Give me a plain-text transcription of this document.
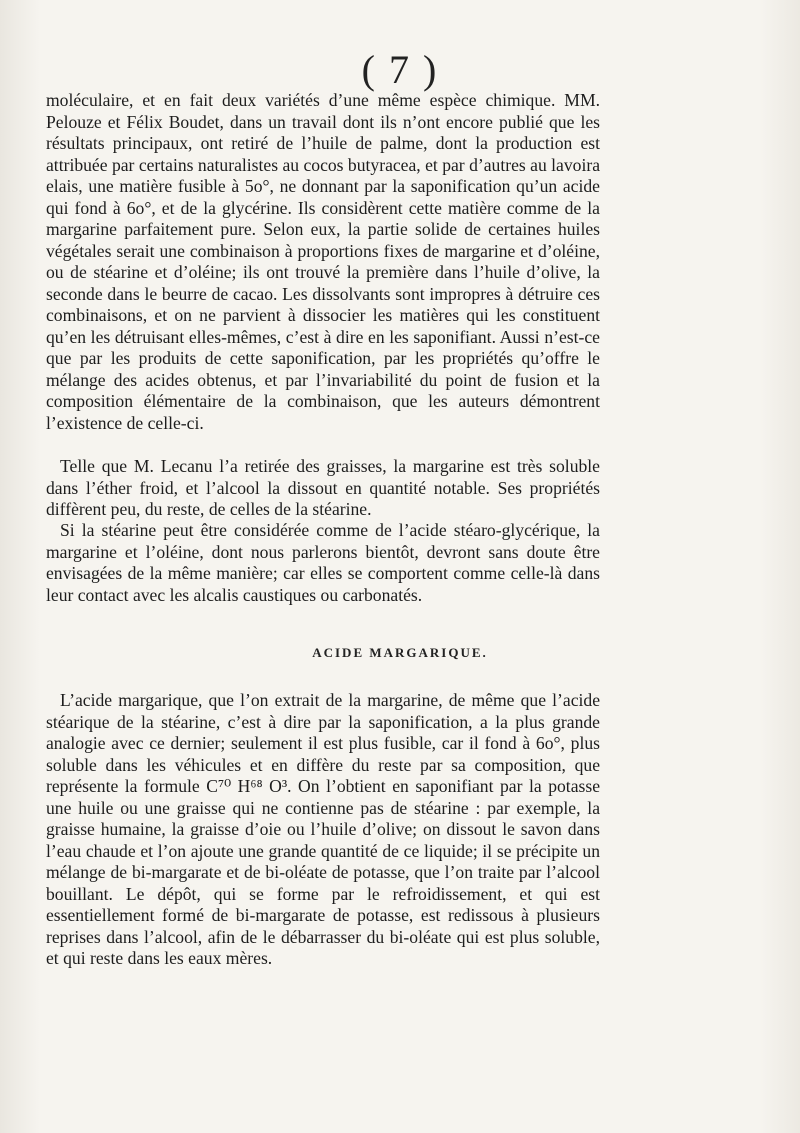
( 7 )

moléculaire, et en fait deux variétés d’une même espèce chimique. MM. Pelouze et Félix Boudet, dans un travail dont ils n’ont encore publié que les résultats principaux, ont retiré de l’huile de palme, dont la production est attribuée par certains naturalistes au cocos butyracea, et par d’autres au lavoira elais, une matière fusible à 5o°, ne donnant par la saponification qu’un acide qui fond à 6o°, et de la glycérine. Ils considèrent cette matière comme de la margarine parfaitement pure. Selon eux, la partie solide de certaines huiles végétales serait une combinaison à proportions fixes de margarine et d’oléine, ou de stéarine et d’oléine; ils ont trouvé la première dans l’huile d’olive, la seconde dans le beurre de cacao. Les dissolvants sont impropres à détruire ces combinaisons, et on ne parvient à dissocier les matières qui les constituent qu’en les détruisant elles-mêmes, c’est à dire en les saponifiant. Aussi n’est-ce que par les produits de cette saponification, par les propriétés qu’offre le mélange des acides obtenus, et par l’invariabilité du point de fusion et la composition élémentaire de la combinaison, que les auteurs démontrent l’existence de celle-ci.

Telle que M. Lecanu l’a retirée des graisses, la margarine est très soluble dans l’éther froid, et l’alcool la dissout en quantité notable. Ses propriétés diffèrent peu, du reste, de celles de la stéarine.

Si la stéarine peut être considérée comme de l’acide stéaro-glycérique, la margarine et l’oléine, dont nous parlerons bientôt, devront sans doute être envisagées de la même manière; car elles se comportent comme celle-là dans leur contact avec les alcalis caustiques ou carbonatés.

ACIDE MARGARIQUE.

L’acide margarique, que l’on extrait de la margarine, de même que l’acide stéarique de la stéarine, c’est à dire par la saponification, a la plus grande analogie avec ce dernier; seulement il est plus fusible, car il fond à 6o°, plus soluble dans les véhicules et en diffère du reste par sa composition, que représente la formule C⁷⁰ H⁶⁸ O³. On l’obtient en saponifiant par la potasse une huile ou une graisse qui ne contienne pas de stéarine : par exemple, la graisse humaine, la graisse d’oie ou l’huile d’olive; on dissout le savon dans l’eau chaude et l’on ajoute une grande quantité de ce liquide; il se précipite un mélange de bi-margarate et de bi-oléate de potasse, que l’on traite par l’alcool bouillant. Le dépôt, qui se forme par le refroidissement, et qui est essentiellement formé de bi-margarate de potasse, est redissous à plusieurs reprises dans l’alcool, afin de le débarrasser du bi-oléate qui est plus soluble, et qui reste dans les eaux mères.
